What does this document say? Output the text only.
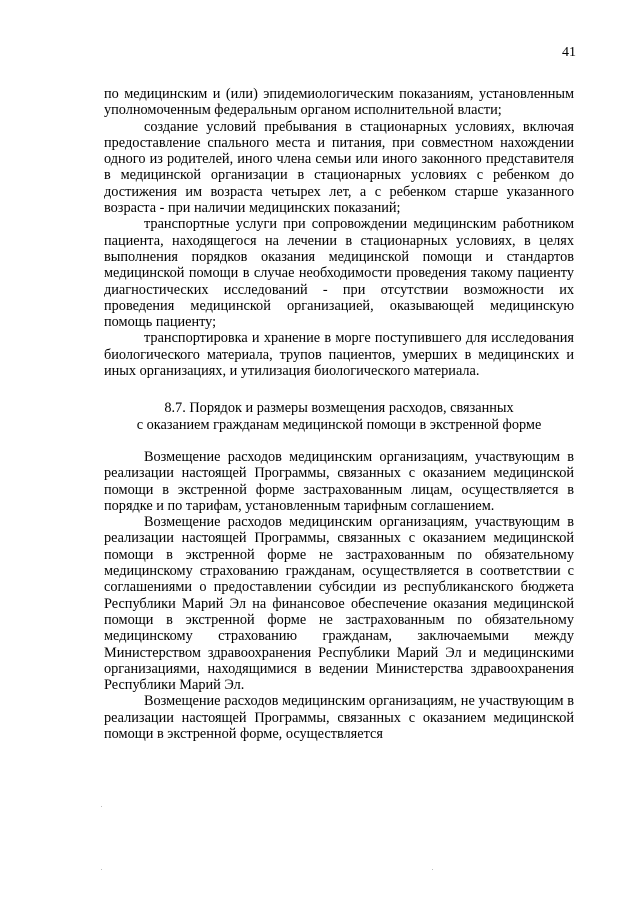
41

по медицинским и (или) эпидемиологическим показаниям, установленным уполномоченным федеральным органом исполнительной власти;

создание условий пребывания в стационарных условиях, включая предоставление спального места и питания, при совместном нахождении одного из родителей, иного члена семьи или иного законного представителя в медицинской организации в стационарных условиях с ребенком до достижения им возраста четырех лет, а с ребенком старше указанного возраста - при наличии медицинских показаний;

транспортные услуги при сопровождении медицинским работником пациента, находящегося на лечении в стационарных условиях, в целях выполнения порядков оказания медицинской помощи и стандартов медицинской помощи в случае необходимости проведения такому пациенту диагностических исследований - при отсутствии возможности их проведения медицинской организацией, оказывающей медицинскую помощь пациенту;

транспортировка и хранение в морге поступившего для исследования биологического материала, трупов пациентов, умерших в медицинских и иных организациях, и утилизация биологического материала.

8.7. Порядок и размеры возмещения расходов, связанных
с оказанием гражданам медицинской помощи в экстренной форме

Возмещение расходов медицинским организациям, участвующим в реализации настоящей Программы, связанных с оказанием медицинской помощи в экстренной форме застрахованным лицам, осуществляется в порядке и по тарифам, установленным тарифным соглашением.

Возмещение расходов медицинским организациям, участвующим в реализации настоящей Программы, связанных с оказанием медицинской помощи в экстренной форме не застрахованным по обязательному медицинскому страхованию гражданам, осуществляется в соответствии с соглашениями о предоставлении субсидии из республиканского бюджета Республики Марий Эл на финансовое обеспечение оказания медицинской помощи в экстренной форме не застрахованным по обязательному медицинскому страхованию гражданам, заключаемыми между Министерством здравоохранения Республики Марий Эл и медицинскими организациями, находящимися в ведении Министерства здравоохранения Республики Марий Эл.

Возмещение расходов медицинским организациям, не участвующим в реализации настоящей Программы, связанных с оказанием медицинской помощи в экстренной форме, осуществляется
